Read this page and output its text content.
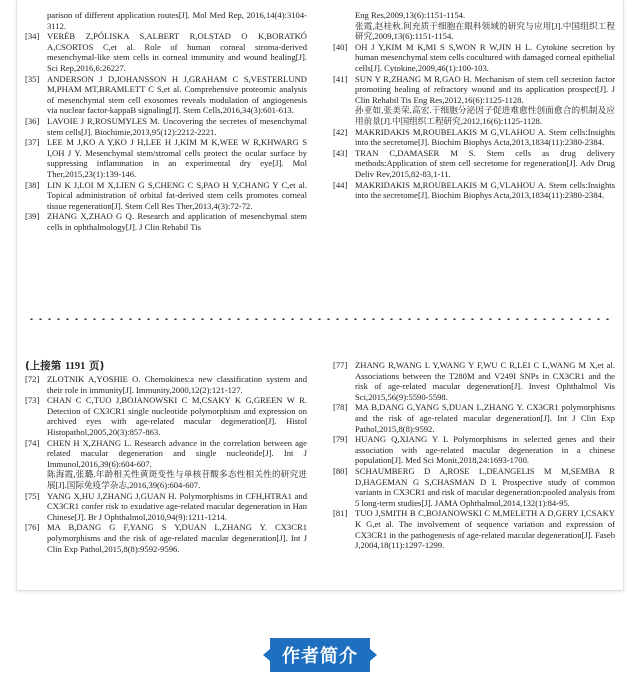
parison of different application routes[J]. Mol Med Rep, 2016,14(4):3104-3112.
[34] VERÉB Z,PÓLISKA S,ALBERT R,OLSTAD O K,BORATKÓ A,CSORTOS C,et al. Role of human corneal stroma-derived mesenchymal-like stem cells in corneal immunity and wound healing[J]. Sci Rep,2016,6:26227.
[35] ANDERSON J D,JOHANSSON H J,GRAHAM C S,VESTERLUND M,PHAM MT,BRAMLETT C S,et al. Comprehensive proteomic analysis of mesenchymal stem cell exosomes reveals modulation of angiogenesis via nuclear factor-kappaB signaling[J]. Stem Cells,2016,34(3):601-613.
[36] LAVOIE J R,ROSUMYLES M. Uncovering the secretes of mesenchymal stem cells[J]. Biochimie,2013,95(12):2212-2221.
[37] LEE M J,KO A Y,KO J H,LEE H J,KIM M K,WEE W R,KHWARG S I,OH J Y. Mesenchymal stem/stromal cells protect the ocular surface by suppressing inflammation in an experimental dry eye[J]. Mol Ther,2015,23(1):139-146.
[38] LIN K J,LOI M X,LIEN G S,CHENG C S,PAO H Y,CHANG Y C,et al. Topical administration of orbital fat-derived stem cells promotes corneal tissue regeneration[J]. Stem Cell Res Ther,2013,4(3):72-72.
[39] ZHANG X,ZHAO G Q. Research and application of mesenchymal stem cells in ophthalmology[J]. J Clin Rehabil Tis
Eng Res,2009,13(6):1151-1154.
张霞,赵桂秋.间充质干细胞在眼科领域的研究与应用[J].中国组织工程研究,2009,13(6):1151-1154.
[40] OH J Y,KIM M K,MI S S,WON R W,JIN H L. Cytokine secretion by human mesenchymal stem cells cocultured with damaged corneal epithelial cells[J]. Cytokine,2009,46(1):100-103.
[41] SUN Y R,ZHANG M R,GAO H. Mechanism of stem cell secretion factor promoting healing of refractory wound and its application prospect[J]. J Clin Rehabil Tis Eng Res,2012,16(6):1125-1128.
孙亚如,张美荣,高宏.干细胞分泌因子促进难愈性创面愈合的机制及应用前景[J].中国组织工程研究,2012,16(6):1125-1128.
[42] MAKRIDAKIS M,ROUBELAKIS M G,VLAHOU A. Stem cells:Insights into the secretome[J]. Biochim Biophys Acta,2013,1834(11):2380-2384.
[43] TRAN C,DAMASER M S. Stem cells as drug delivery methods:Application of stem cell secretome for regeneration[J]. Adv Drug Deliv Rev,2015,82-83,1-11.
[44] MAKRIDAKIS M,ROUBELAKIS M G,VLAHOU A. Stem cells:Insights into the secretome[J]. Biochim Biophys Acta,2013,1834(11):2380-2384.
(上接第 1191 页)
[72] ZLOTNIK A,YOSHIE O. Chemokines:a new classification system and their role in immunity[J]. Immunity,2000,12(2):121-127.
[73] CHAN C C,TUO J,BOJANOWSKI C M,CSAKY K G,GREEN W R. Detection of CX3CR1 single nucleotide polymorphism and expression on archived eyes with age-related macular degeneration[J]. Histol Histopathol,2005,20(3):857-863.
[74] CHEN H X,ZHANG L. Research advance in the correlation between age related macular degeneration and single nucleotide[J]. Int J Immunol,2016,39(6):604-607.
陈海霞,张璐.年龄相关性黄斑变性与单核苷酸多态性相关性的研究进展[J].国际免疫学杂志,2016,39(6):604-607.
[75] YANG X,HU J,ZHANG J,GUAN H. Polymorphisms in CFH,HTRA1 and CX3CR1 confer risk to exudative age-related macular degeneration in Han Chinese[J]. Br J Ophthalmol,2010,94(9):1211-1214.
[76] MA B,DANG G F,YANG S Y,DUAN L,ZHANG Y. CX3CR1 polymorphisms and the risk of age-related macular degeneration[J]. Int J Clin Exp Pathol,2015,8(8):9592-9596.
[77] ZHANG R,WANG L Y,WANG Y F,WU C R,LEI C L,WANG M X,et al. Associations between the T280M and V249I SNPs in CX3CR1 and the risk of age-related macular degeneration[J]. Invest Ophthalmol Vis Sci,2015,56(9):5590-5598.
[78] MA B,DANG G,YANG S,DUAN L,ZHANG Y. CX3CR1 polymorphisms and the risk of age-related macular degeneration[J]. Int J Clin Exp Pathol,2015,8(8):9592.
[79] HUANG Q,XIANG Y L Polymorphisms in selected genes and their association with age-related macular degeneration in a chinese population[J]. Med Sci Monit,2018,24:1693-1700.
[80] SCHAUMBERG D A,ROSE L,DEANGELIS M M,SEMBA R D,HAGEMAN G S,CHASMAN D I. Prospective study of common variants in CX3CR1 and risk of macular degeneration:pooled analysis from 5 long-term studies[J]. JAMA Ophthalmol,2014,132(1):84-95.
[81] TUO J,SMITH B C,BOJANOWSKI C M,MELETH A D,GERY I,CSAKY K G,et al. The involvement of sequence variation and expression of CX3CR1 in the pathogenesis of age-related macular degeneration[J]. Faseb J,2004,18(11):1297-1299.
作者简介
